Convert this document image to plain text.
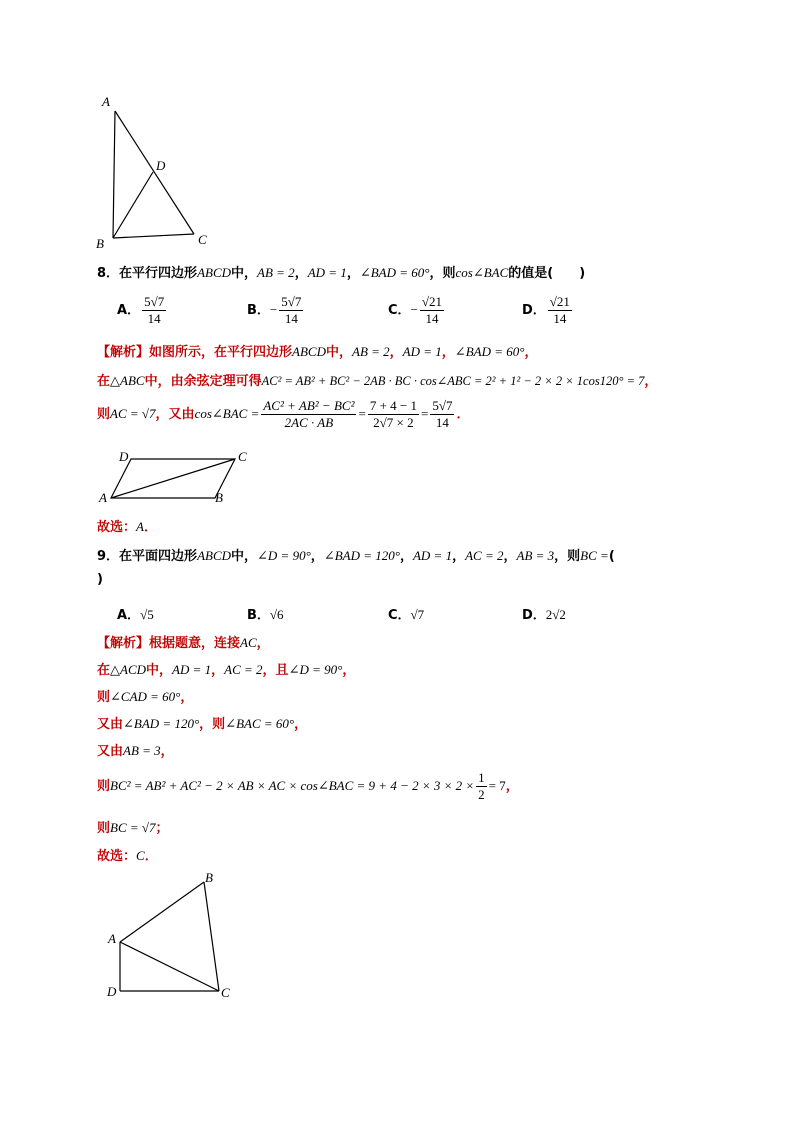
A
D
B	C
8．在平行四边形ABCD中，AB = 2，AD = 1，∠BAD = 60°，则cos∠BAC的值是(　　)
A． $\frac{5√7}{14}$	B．− $\frac{5√7}{14}$	C．− $\frac{√21}{14}$	D． $\frac{√21}{14}$
【解析】如图所示，在平行四边形ABCD中，AB = 2，AD = 1，∠BAD = 60°，
在△ABC中，由余弦定理可得AC² = AB² + BC² − 2AB · BC · cos∠ABC = 2² + 1² − 2 × 2 × 1cos120° = 7，
则AC = √7，又由cos∠BAC = $\frac{\text{AC² + AB² − BC²}}{2AC \cdot AB} = \frac{7 + 4 - 1}{2√7 \times 2} = \frac{5√7}{14}$ ．
D	C
A	B
故选：A．
9．在平面四边形ABCD中，∠D = 90°，∠BAD = 120°，AD = 1，AC = 2，AB = 3，则BC =(
)
A．√5	B．√6	C．√7	D．2√2
【解析】根据题意，连接AC，
在△ACD中，AD = 1，AC = 2，且∠D = 90°，
则∠CAD = 60°，
又由∠BAD = 120°，则∠BAC = 60°，
又由AB = 3，
则BC² = AB² + AC² − 2 × AB × AC × cos∠BAC = $9 + 4 - 2 \times 3 \times 2 \times \frac{1}{2} = 7$，
则BC = √7；
故选：C．
B
A
D	C
